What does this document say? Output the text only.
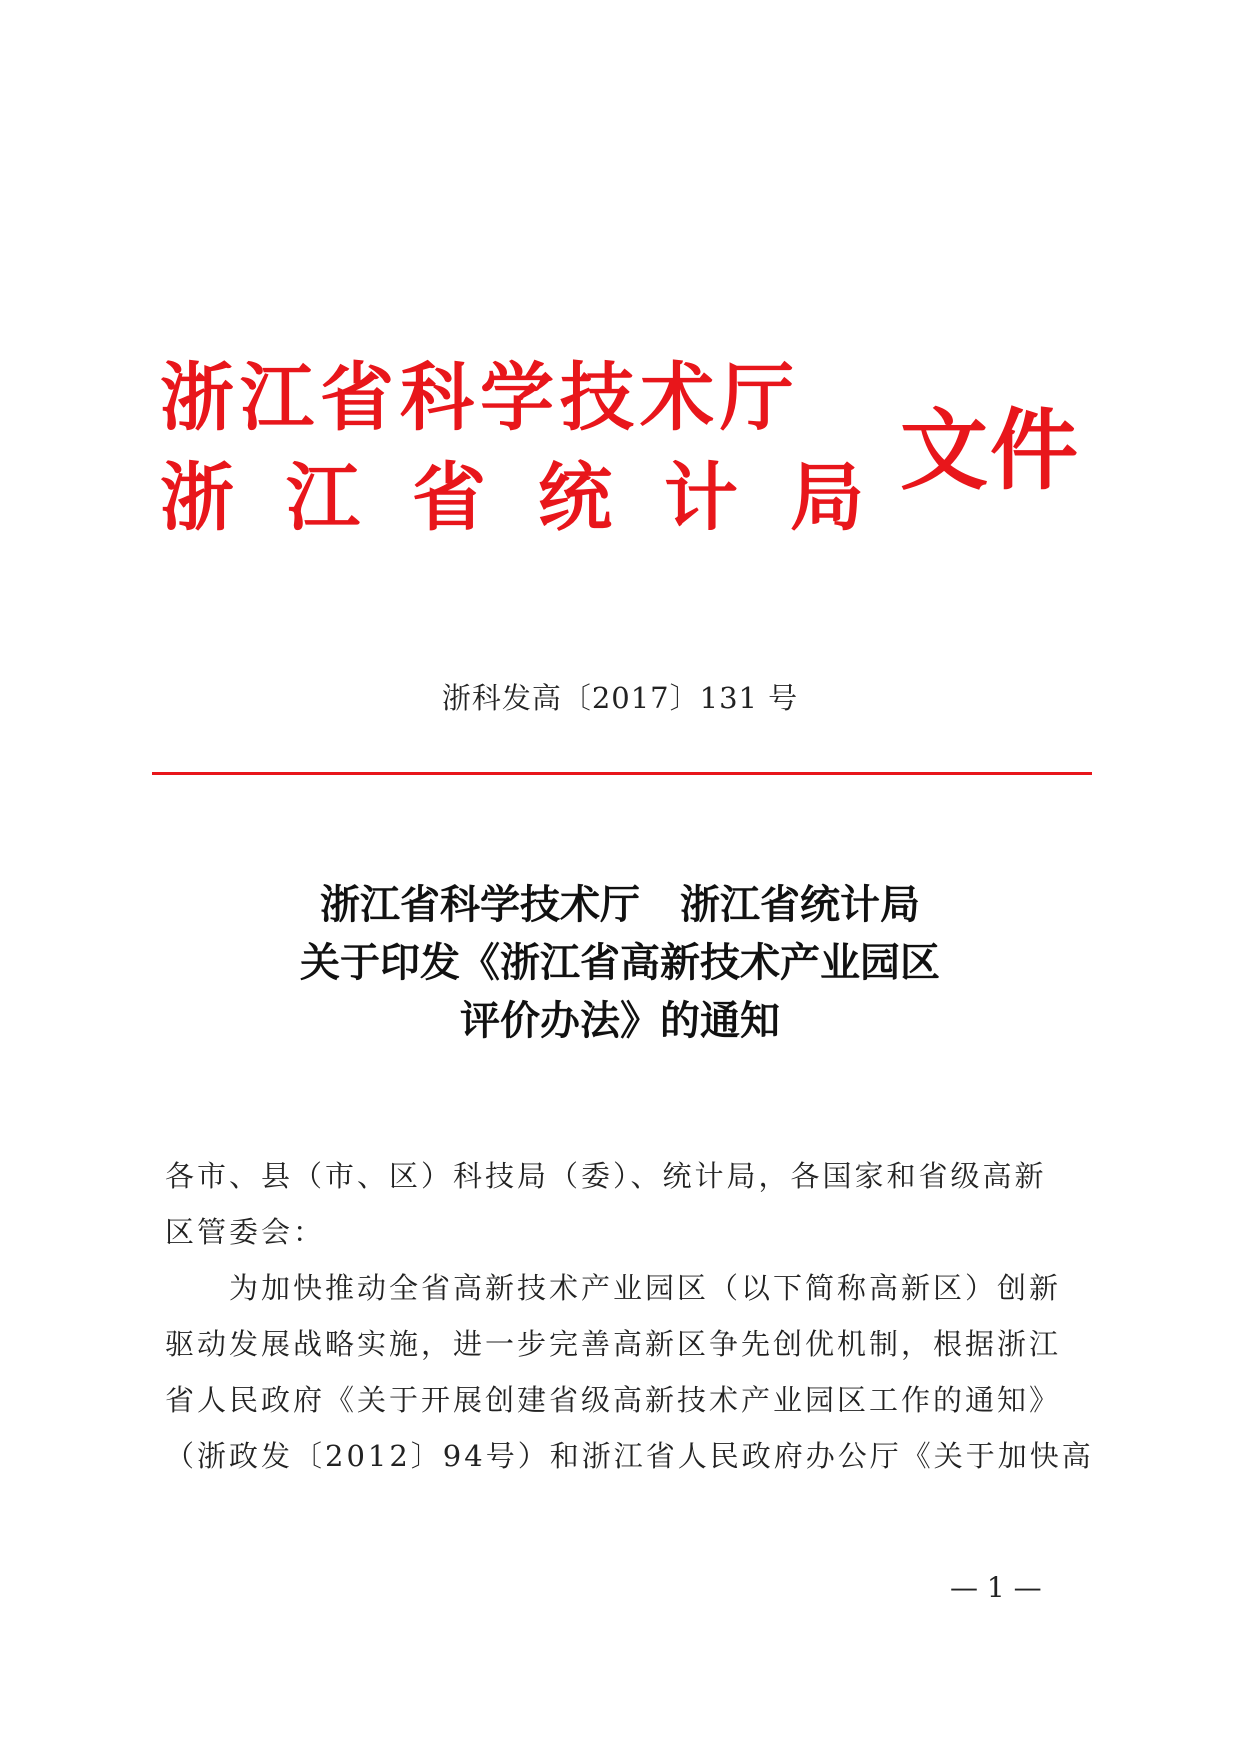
浙江省科学技术厅
浙江省统计局
文件
浙科发高〔2017〕131 号
浙江省科学技术厅　浙江省统计局
关于印发《浙江省高新技术产业园区
评价办法》的通知

各市、县（市、区）科技局（委）、统计局，各国家和省级高新
区管委会：

为加快推动全省高新技术产业园区（以下简称高新区）创新
驱动发展战略实施，进一步完善高新区争先创优机制，根据浙江
省人民政府《关于开展创建省级高新技术产业园区工作的通知》
（浙政发〔2012〕94号）和浙江省人民政府办公厅《关于加快高

— 1 —
